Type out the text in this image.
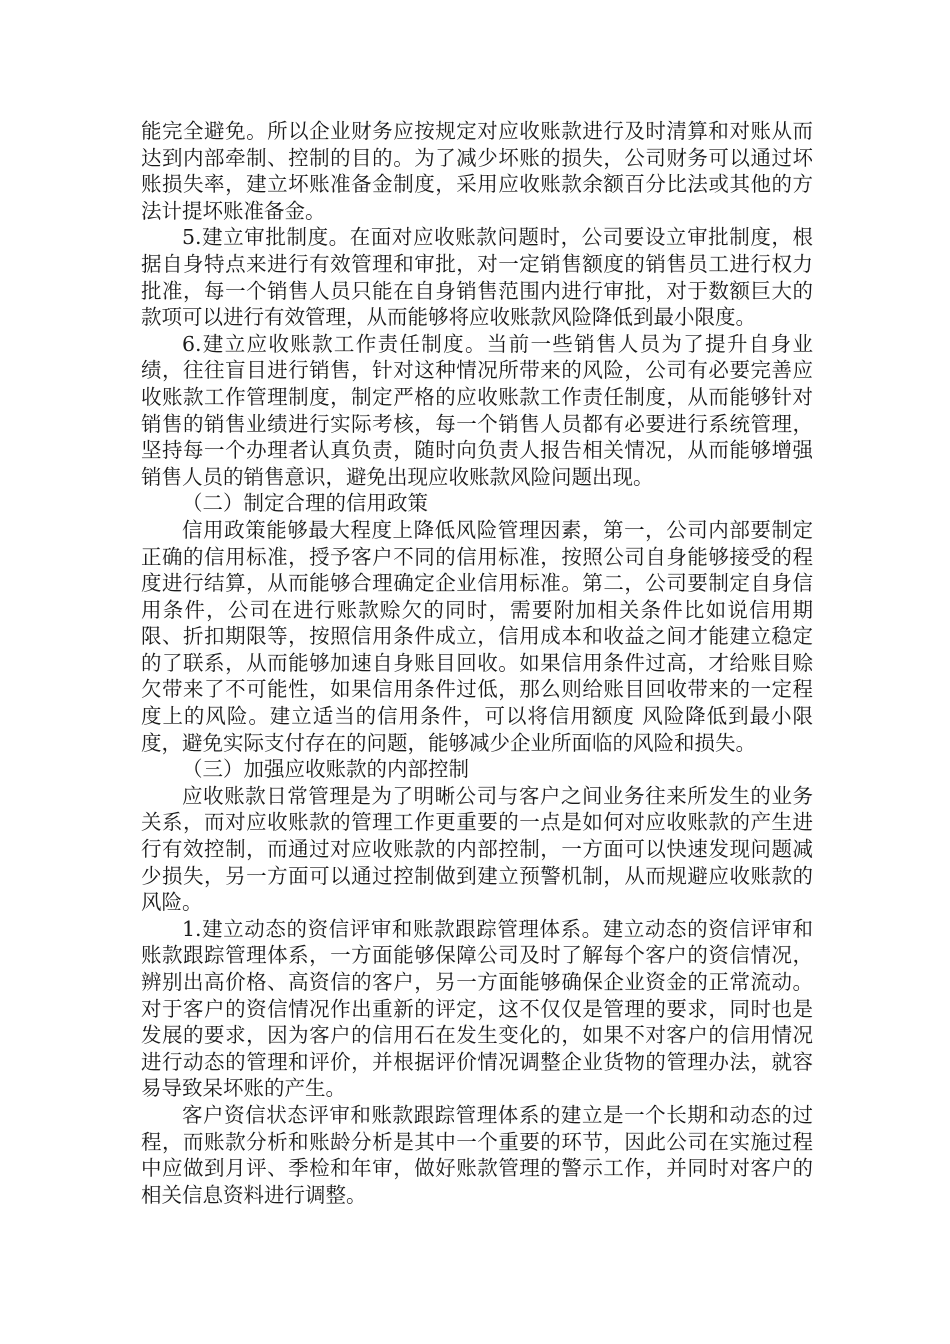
能完全避免。所以企业财务应按规定对应收账款进行及时清算和对账从而达到内部牵制、控制的目的。为了减少坏账的损失，公司财务可以通过坏账损失率，建立坏账准备金制度，采用应收账款余额百分比法或其他的方法计提坏账准备金。

5.建立审批制度。在面对应收账款问题时，公司要设立审批制度，根据自身特点来进行有效管理和审批，对一定销售额度的销售员工进行权力批准，每一个销售人员只能在自身销售范围内进行审批，对于数额巨大的款项可以进行有效管理，从而能够将应收账款风险降低到最小限度。

6.建立应收账款工作责任制度。当前一些销售人员为了提升自身业绩，往往盲目进行销售，针对这种情况所带来的风险，公司有必要完善应收账款工作管理制度，制定严格的应收账款工作责任制度，从而能够针对销售的销售业绩进行实际考核，每一个销售人员都有必要进行系统管理，坚持每一个办理者认真负责，随时向负责人报告相关情况，从而能够增强销售人员的销售意识，避免出现应收账款风险问题出现。

（二）制定合理的信用政策

信用政策能够最大程度上降低风险管理因素，第一，公司内部要制定正确的信用标准，授予客户不同的信用标准，按照公司自身能够接受的程度进行结算，从而能够合理确定企业信用标准。第二，公司要制定自身信用条件，公司在进行账款赊欠的同时，需要附加相关条件比如说信用期限、折扣期限等，按照信用条件成立，信用成本和收益之间才能建立稳定的了联系，从而能够加速自身账目回收。如果信用条件过高，才给账目赊欠带来了不可能性，如果信用条件过低，那么则给账目回收带来的一定程度上的风险。建立适当的信用条件，可以将信用额度 风险降低到最小限度，避免实际支付存在的问题，能够减少企业所面临的风险和损失。

（三）加强应收账款的内部控制

应收账款日常管理是为了明晰公司与客户之间业务往来所发生的业务关系，而对应收账款的管理工作更重要的一点是如何对应收账款的产生进行有效控制，而通过对应收账款的内部控制，一方面可以快速发现问题减少损失，另一方面可以通过控制做到建立预警机制，从而规避应收账款的风险。

1.建立动态的资信评审和账款跟踪管理体系。建立动态的资信评审和账款跟踪管理体系，一方面能够保障公司及时了解每个客户的资信情况，辨别出高价格、高资信的客户，另一方面能够确保企业资金的正常流动。对于客户的资信情况作出重新的评定，这不仅仅是管理的要求，同时也是发展的要求，因为客户的信用石在发生变化的，如果不对客户的信用情况进行动态的管理和评价，并根据评价情况调整企业货物的管理办法，就容易导致呆坏账的产生。

客户资信状态评审和账款跟踪管理体系的建立是一个长期和动态的过程，而账款分析和账龄分析是其中一个重要的环节，因此公司在实施过程中应做到月评、季检和年审，做好账款管理的警示工作，并同时对客户的相关信息资料进行调整。
